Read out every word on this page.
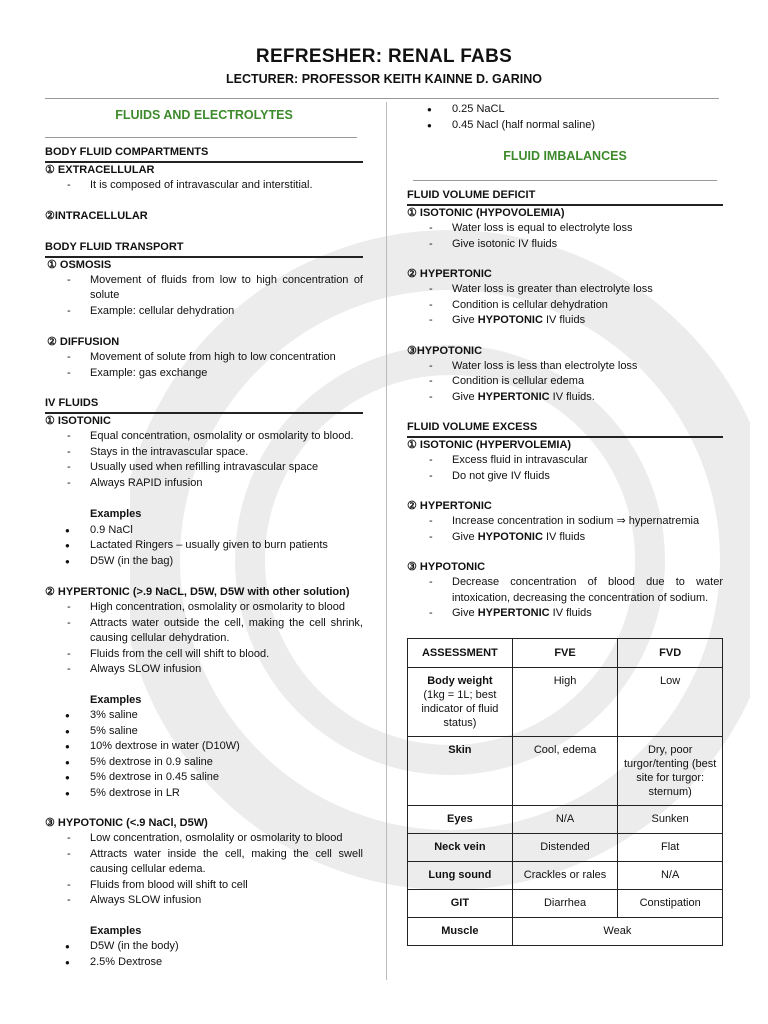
REFRESHER: RENAL FABS
LECTURER: PROFESSOR KEITH KAINNE D. GARINO
FLUIDS AND ELECTROLYTES
BODY FLUID COMPARTMENTS
① EXTRACELLULAR
- It is composed of intravascular and interstitial.
②INTRACELLULAR
BODY FLUID TRANSPORT
① OSMOSIS
- Movement of fluids from low to high concentration of solute
- Example: cellular dehydration
② DIFFUSION
- Movement of solute from high to low concentration
- Example: gas exchange
IV FLUIDS
① ISOTONIC
- Equal concentration, osmolality or osmolarity to blood.
- Stays in the intravascular space.
- Usually used when refilling intravascular space
- Always RAPID infusion
Examples
● 0.9 NaCl
● Lactated Ringers – usually given to burn patients
● D5W (in the bag)
② HYPERTONIC (>.9 NaCL, D5W, D5W with other solution)
- High concentration, osmolality or osmolarity to blood
- Attracts water outside the cell, making the cell shrink, causing cellular dehydration.
- Fluids from the cell will shift to blood.
- Always SLOW infusion
Examples
● 3% saline
● 5% saline
● 10% dextrose in water (D10W)
● 5% dextrose in 0.9 saline
● 5% dextrose in 0.45 saline
● 5% dextrose in LR
③ HYPOTONIC (<.9 NaCl, D5W)
- Low concentration, osmolality or osmolarity to blood
- Attracts water inside the cell, making the cell swell causing cellular edema.
- Fluids from blood will shift to cell
- Always SLOW infusion
Examples
● D5W (in the body)
● 2.5% Dextrose
● 0.25 NaCL
● 0.45 Nacl (half normal saline)
FLUID IMBALANCES
FLUID VOLUME DEFICIT
① ISOTONIC (HYPOVOLEMIA)
- Water loss is equal to electrolyte loss
- Give isotonic IV fluids
② HYPERTONIC
- Water loss is greater than electrolyte loss
- Condition is cellular dehydration
- Give HYPOTONIC IV fluids
③HYPOTONIC
- Water loss is less than electrolyte loss
- Condition is cellular edema
- Give HYPERTONIC IV fluids.
FLUID VOLUME EXCESS
① ISOTONIC (HYPERVOLEMIA)
- Excess fluid in intravascular
- Do not give IV fluids
② HYPERTONIC
- Increase concentration in sodium ⇒ hypernatremia
- Give HYPOTONIC IV fluids
③ HYPOTONIC
- Decrease concentration of blood due to water intoxication, decreasing the concentration of sodium.
- Give HYPERTONIC IV fluids
ASSESSMENT	FVE	FVD
Body weight
(1kg = 1L; best indicator of fluid status)	High	Low
Skin	Cool, edema	Dry, poor turgor/tenting (best site for turgor: sternum)
Eyes	N/A	Sunken
Neck vein	Distended	Flat
Lung sound	Crackles or rales	N/A
GIT	Diarrhea	Constipation
Muscle	Weak	
